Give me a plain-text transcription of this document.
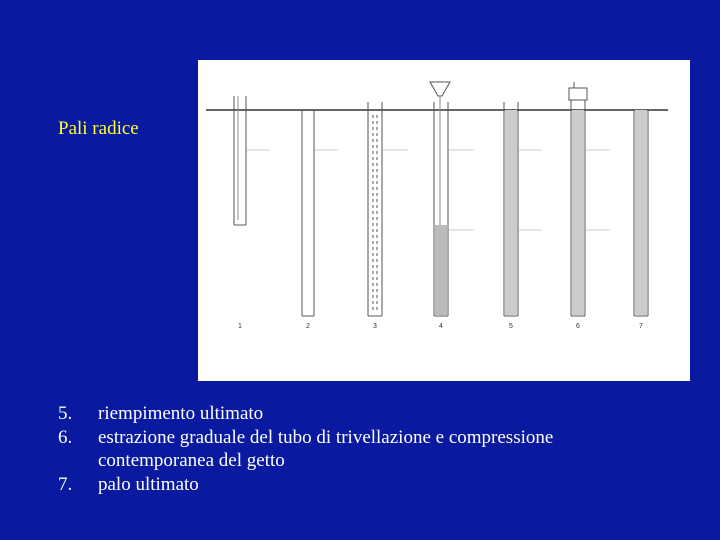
Pali radice
1	2	3	4	5	6	7
5.	riempimento ultimato
6.	estrazione graduale del tubo di trivellazione e compressione contemporanea del getto
7.	palo ultimato
